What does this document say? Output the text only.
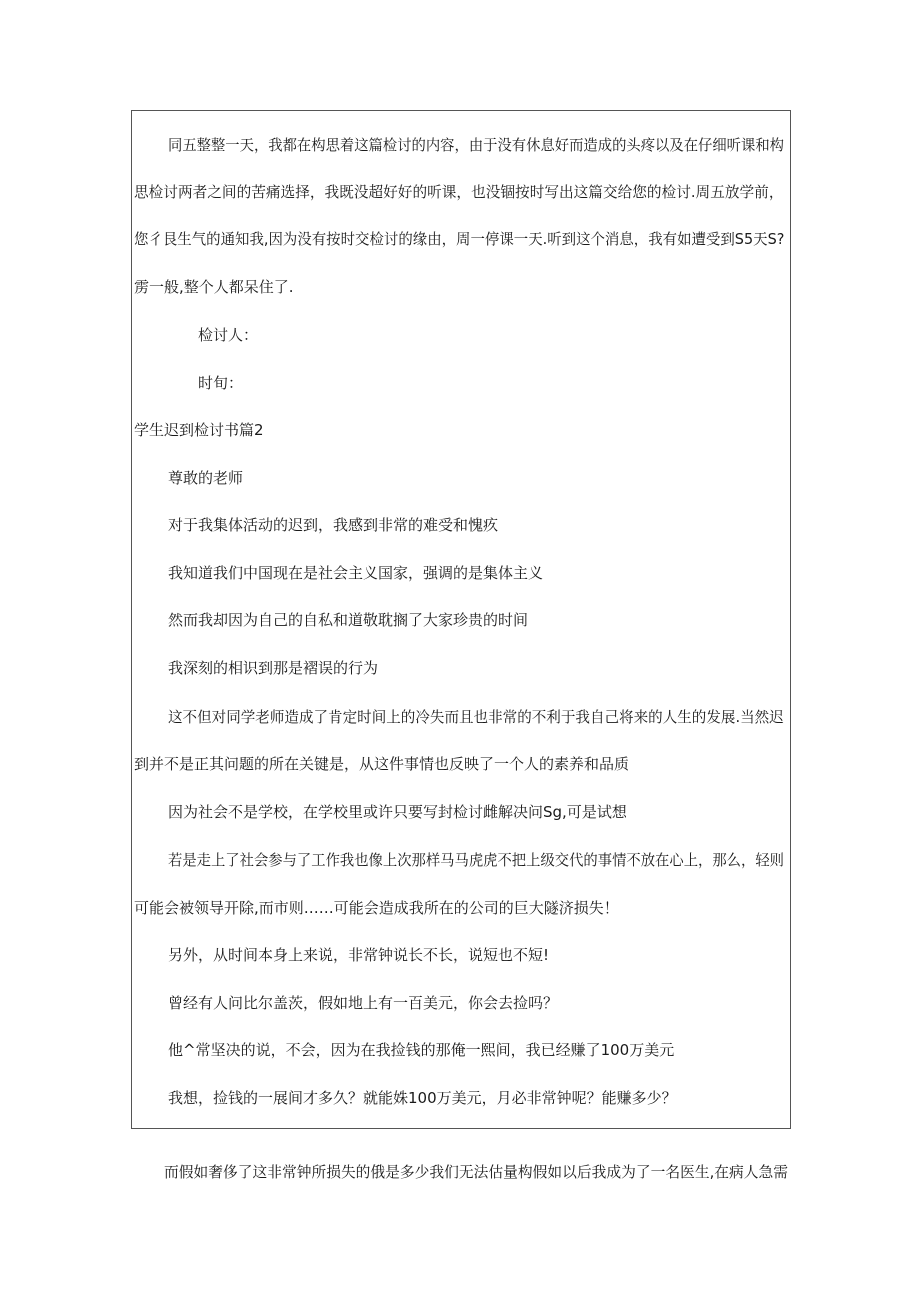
同五整整一天，我都在构思着这篇检讨的内容，由于没有休息好而造成的头疼以及在仔细听课和构
思检讨两者之间的苦痛选择，我既没超好好的听课，也没锢按时写出这篇交给您的检讨.周五放学前，
您彳艮生气的通知我,因为没有按时交检讨的缘由，周一停课一天.听到这个消息，我有如遭受到S5天S?
雳一般,整个人都呆住了.
检讨人：
时旬：
学生迟到检讨书篇2
尊敢的老师
对于我集体活动的迟到，我感到非常的难受和愧疚
我知道我们中国现在是社会主义国家，强调的是集体主义
然而我却因为自己的自私和道敬耽搁了大家珍贵的时间
我深刻的相识到那是褶误的行为
这不但对同学老师造成了肯定时间上的冷失而且也非常的不利于我自己将来的人生的发展.当然迟
到并不是正其问题的所在关键是，从这件事情也反映了一个人的素养和品质
因为社会不是学校，在学校里或许只要写封检讨雌解决问Sg,可是试想
若是走上了社会参与了工作我也像上次那样马马虎虎不把上级交代的事情不放在心上，那么，轻则
可能会被领导开除,而市则……可能会造成我所在的公司的巨大隧济损失！
另外，从时间本身上来说，非常钟说长不长，说短也不短!
曾经有人问比尔盖茨，假如地上有一百美元，你会去捡吗？
他^常坚决的说，不会，因为在我捡钱的那俺一熙间，我已经赚了100万美元
我想，捡钱的一展间才多久？就能姝100万美元，月必非常钟呢？能赚多少？
而假如奢侈了这非常钟所损失的俄是多少我们无法估量构假如以后我成为了一名医生,在病人急需
